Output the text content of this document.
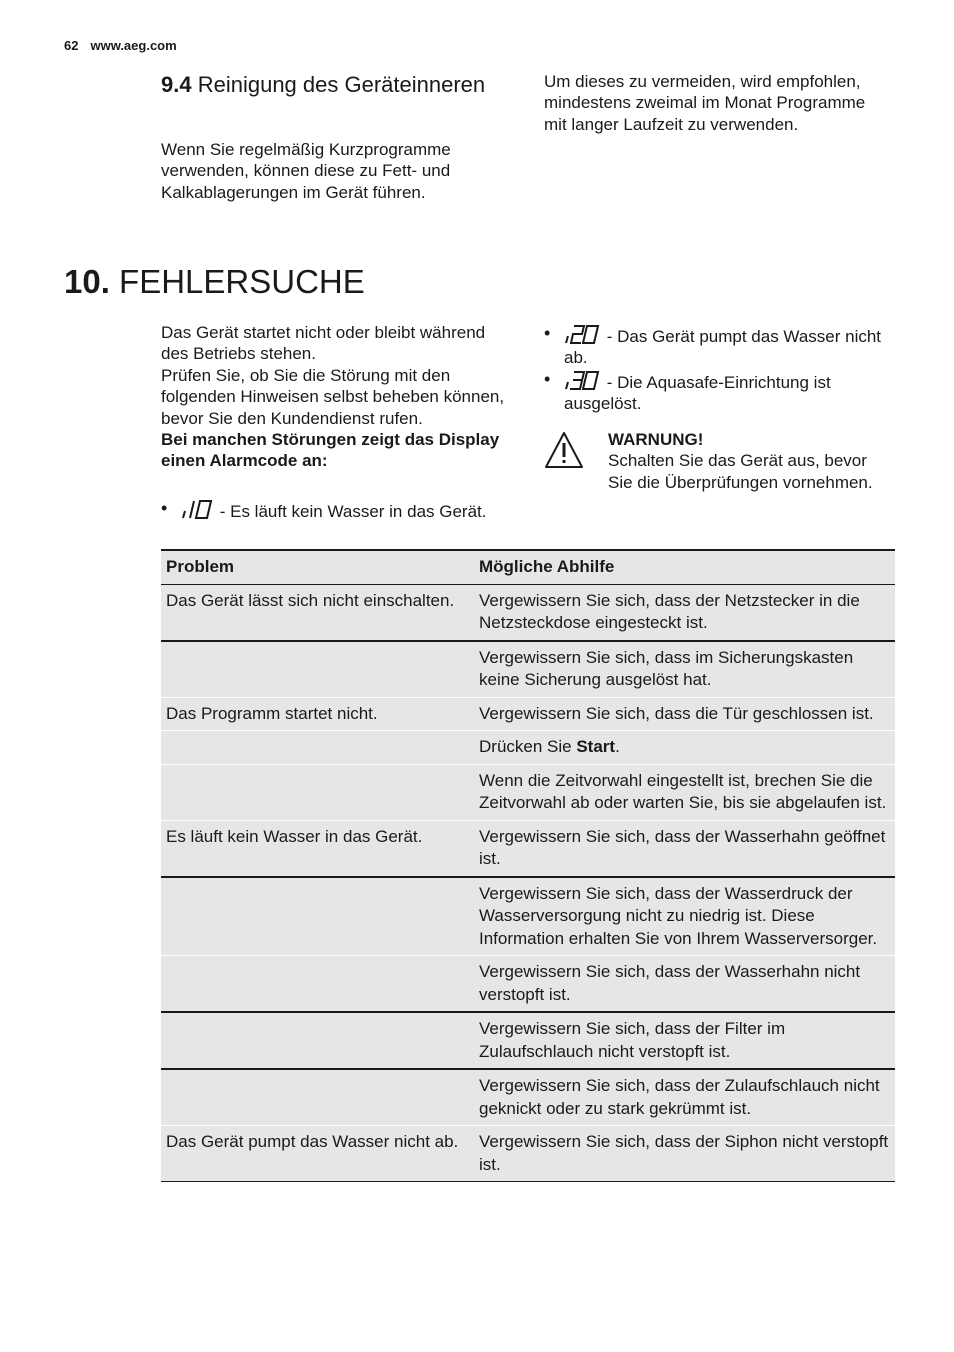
62 www.aeg.com
9.4 Reinigung des Geräteinneren
Wenn Sie regelmäßig Kurzprogramme verwenden, können diese zu Fett- und Kalkablagerungen im Gerät führen.
Um dieses zu vermeiden, wird empfohlen, mindestens zweimal im Monat Programme mit langer Laufzeit zu verwenden.
10. FEHLERSUCHE
Das Gerät startet nicht oder bleibt während des Betriebs stehen.
Prüfen Sie, ob Sie die Störung mit den folgenden Hinweisen selbst beheben können, bevor Sie den Kundendienst rufen.
Bei manchen Störungen zeigt das Display einen Alarmcode an:
•	- Es läuft kein Wasser in das Gerät.
•	- Das Gerät pumpt das Wasser nicht ab.
•	- Die Aquasafe-Einrichtung ist ausgelöst.
WARNUNG!
Schalten Sie das Gerät aus, bevor Sie die Überprüfungen vornehmen.
Problem	Mögliche Abhilfe
Das Gerät lässt sich nicht einschalten.	Vergewissern Sie sich, dass der Netzstecker in die Netzsteckdose eingesteckt ist.
	Vergewissern Sie sich, dass im Sicherungskasten keine Sicherung ausgelöst hat.
Das Programm startet nicht.	Vergewissern Sie sich, dass die Tür geschlossen ist.
	Drücken Sie Start.
	Wenn die Zeitvorwahl eingestellt ist, brechen Sie die Zeitvorwahl ab oder warten Sie, bis sie abgelaufen ist.
Es läuft kein Wasser in das Gerät.	Vergewissern Sie sich, dass der Wasserhahn geöffnet ist.
	Vergewissern Sie sich, dass der Wasserdruck der Wasserversorgung nicht zu niedrig ist. Diese Information erhalten Sie von Ihrem Wasserversorger.
	Vergewissern Sie sich, dass der Wasserhahn nicht verstopft ist.
	Vergewissern Sie sich, dass der Filter im Zulaufschlauch nicht verstopft ist.
	Vergewissern Sie sich, dass der Zulaufschlauch nicht geknickt oder zu stark gekrümmt ist.
Das Gerät pumpt das Wasser nicht ab.	Vergewissern Sie sich, dass der Siphon nicht verstopft ist.
